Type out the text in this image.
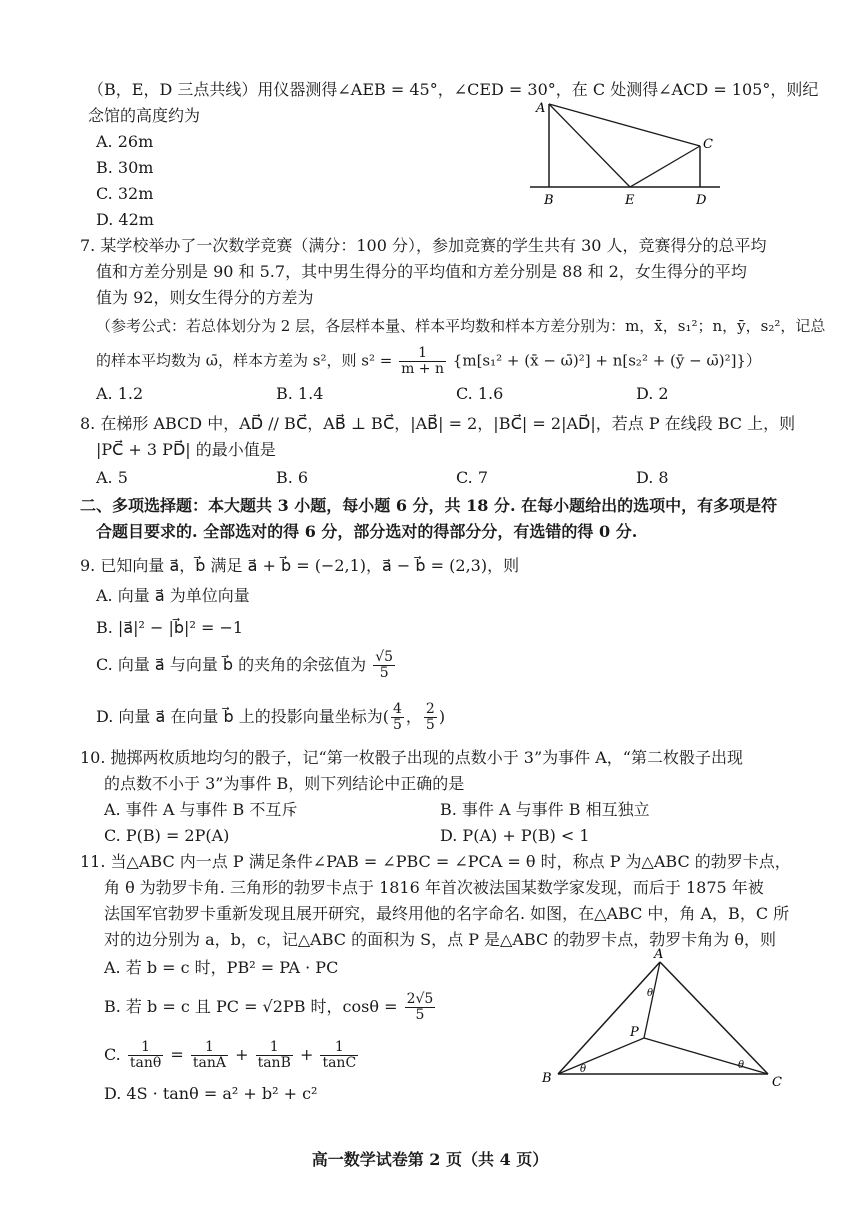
（B，E，D 三点共线）用仪器测得∠AEB = 45°，∠CED = 30°，在 C 处测得∠ACD = 105°，则纪
念馆的高度约为
A. 26m
B. 30m
C. 32m
D. 42m
A
B
C
D
E
7. 某学校举办了一次数学竞赛（满分：100 分），参加竞赛的学生共有 30 人，竞赛得分的总平均
值和方差分别是 90 和 5.7，其中男生得分的平均值和方差分别是 88 和 2，女生得分的平均
值为 92，则女生得分的方差为
（参考公式：若总体划分为 2 层，各层样本量、样本平均数和样本方差分别为：m，x̄，s₁²；n，ȳ，s₂²，记总
的样本平均数为 ω̄，样本方差为 s²，则 $s^2 = \frac{1}{m + n} \{m[s_1^2$ + (x̄ − ω̄)²] + n[s₂² + (ȳ − ω̄)²]}）
A. 1.2	B. 1.4	C. 1.6	D. 2
8. 在梯形 ABCD 中，AD⃗ // BC⃗，AB⃗ ⊥ BC⃗，|AB⃗| = 2，|BC⃗| = 2|AD⃗|，若点 P 在线段 BC 上，则
|PC⃗ + 3 PD⃗| 的最小值是
A. 5	B. 6	C. 7	D. 8
二、多项选择题：本大题共 3 小题，每小题 6 分，共 18 分. 在每小题给出的选项中，有多项是符
合题目要求的. 全部选对的得 6 分，部分选对的得部分分，有选错的得 0 分.
9. 已知向量 a⃗，b⃗ 满足 a⃗ + b⃗ = (−2,1)，a⃗ − b⃗ = (2,3)，则
A. 向量 a⃗ 为单位向量
B. |a⃗|² − |b⃗|² = −1
C. 向量 a⃗ 与向量 b⃗ 的夹角的余弦值为 $\frac{√5}{5}$
D. 向量 a⃗ 在向量 b⃗ 上的投影向量坐标为( $\frac{4}{5}$ ， $\frac{2}{5}$ )
10. 抛掷两枚质地均匀的骰子，记“第一枚骰子出现的点数小于 3”为事件 A，“第二枚骰子出现
的点数不小于 3”为事件 B，则下列结论中正确的是
A. 事件 A 与事件 B 不互斥	B. 事件 A 与事件 B 相互独立
C. P(B) = 2P(A)	D. P(A) + P(B) < 1
11. 当△ABC 内一点 P 满足条件∠PAB = ∠PBC = ∠PCA = θ 时，称点 P 为△ABC 的勃罗卡点，
角 θ 为勃罗卡角. 三角形的勃罗卡点于 1816 年首次被法国某数学家发现，而后于 1875 年被
法国军官勃罗卡重新发现且展开研究，最终用他的名字命名. 如图，在△ABC 中，角 A，B，C 所
对的边分别为 a，b，c，记△ABC 的面积为 S，点 P 是△ABC 的勃罗卡点，勃罗卡角为 θ，则
A. 若 b = c 时，PB² = PA · PC
B. 若 b = c 且 PC = √2PB 时，$\cos\theta = \frac{2√5}{5}$
C. $\frac{1}{\tan\theta} = \frac{1}{\tan A} + \frac{1}{\tan B} + \frac{1}{\tan C}$
D. 4S · tanθ = a² + b² + c²
A
B	C
P
θ
θ	θ
高一数学试卷第 2 页（共 4 页）
